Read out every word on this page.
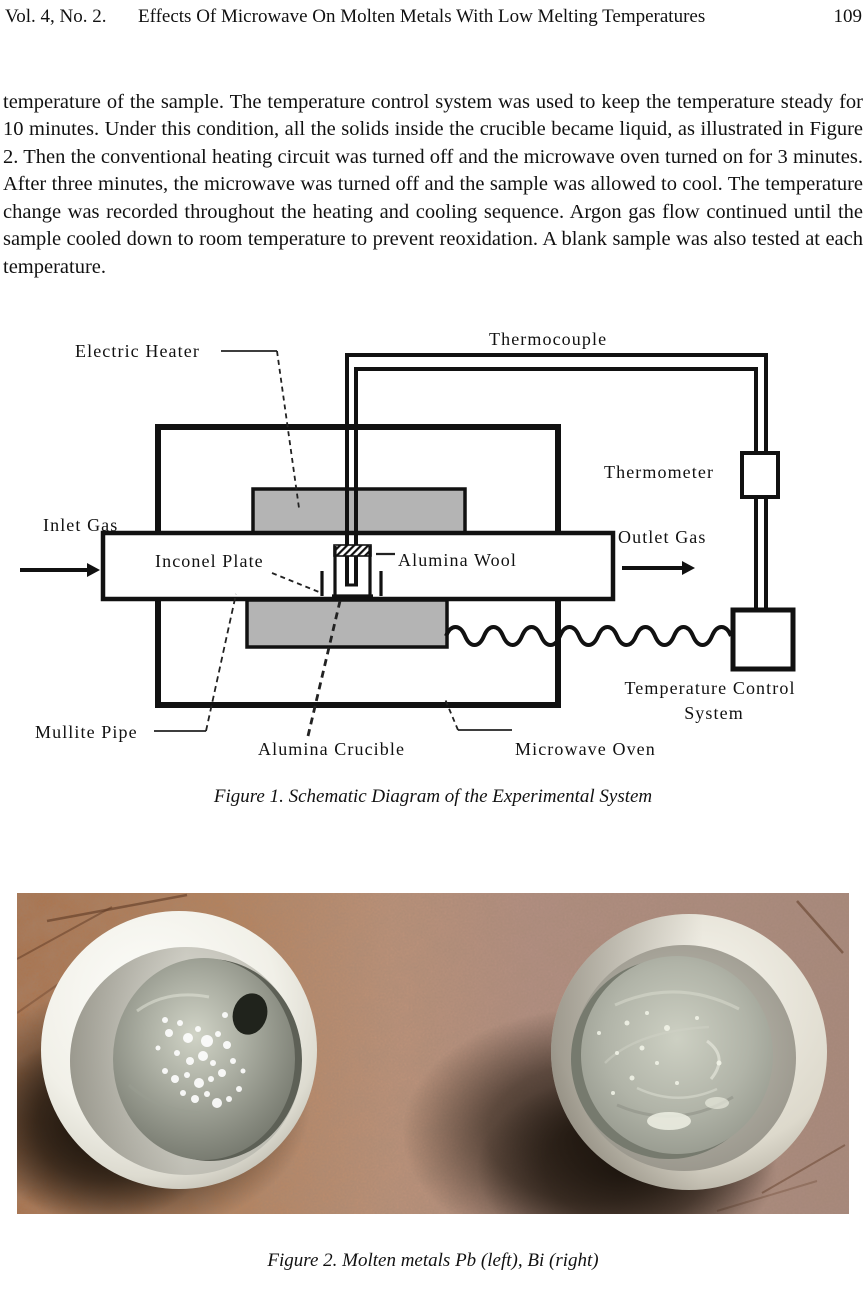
Vol. 4, No. 2. Effects Of Microwave On Molten Metals With Low Melting Temperatures	109

temperature of the sample. The temperature control system was used to keep the temperature steady for 10 minutes. Under this condition, all the solids inside the crucible became liquid, as illustrated in Figure 2. Then the conventional heating circuit was turned off and the microwave oven turned on for 3 minutes. After three minutes, the microwave was turned off and the sample was allowed to cool. The temperature change was recorded throughout the heating and cooling sequence. Argon gas flow continued until the sample cooled down to room temperature to prevent reoxidation. A blank sample was also tested at each temperature.

Electric Heater
Thermocouple
Thermometer
Inlet Gas
Outlet Gas
Inconel Plate	Alumina Wool
Mullite Pipe
Alumina Crucible	Microwave Oven
Temperature Control
System
Figure 1. Schematic Diagram of the Experimental System
Figure 2. Molten metals Pb (left), Bi (right)
